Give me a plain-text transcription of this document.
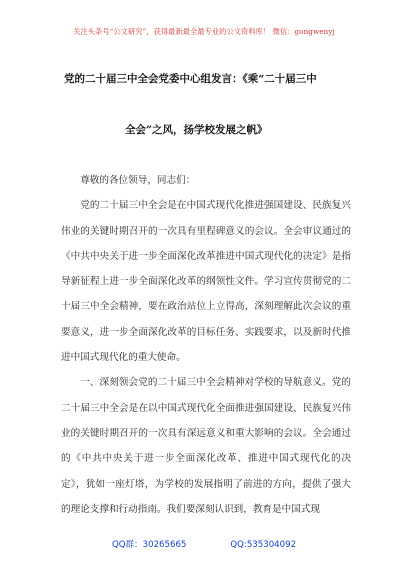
关注头条号“公文研究”，获得最新最全最专业的公文资料库！ 微信：gongwenyj
党的二十届三中全会党委中心组发言：《乘“二十届三中
全会”之风，扬学校发展之帆》

尊敬的各位领导，同志们：

党的二十届三中全会是在中国式现代化推进强国建设、民族复兴伟业的关键时期召开的一次具有里程碑意义的会议。全会审议通过的《中共中央关于进一步全面深化改革推进中国式现代化的决定》是指导新征程上进一步全面深化改革的纲领性文件。学习宣传贯彻党的二十届三中全会精神，要在政治站位上立得高，深刻理解此次会议的重要意义，进一步全面深化改革的目标任务、实践要求，以及新时代推进中国式现代化的重大使命。

一、深刻领会党的二十届三中全会精神对学校的导航意义。党的二十届三中全会是在以中国式现代化全面推进强国建设、民族复兴伟业的关键时期召开的一次具有深远意义和重大影响的会议。全会通过的《中共中央关于进一步全面深化改革、推进中国式现代化的决定》，犹如一座灯塔，为学校的发展指明了前进的方向，提供了强大的理论支撑和行动指南。我们要深刻认识到，教育是中国式现

QQ群：30265665	QQ:535304092
